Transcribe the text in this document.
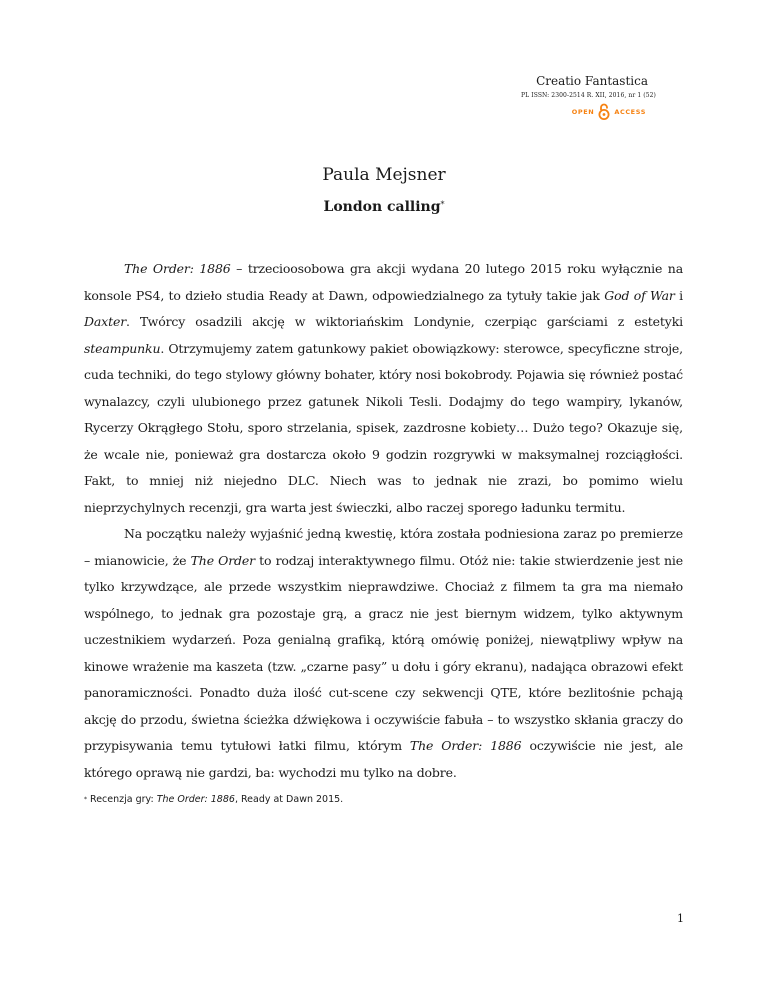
Creatio Fantastica
PL ISSN: 2300-2514 R. XII, 2016, nr 1 (52)
OPEN	ACCESS
Paula Mejsner
London calling*

The Order: 1886 – trzecioosobowa gra akcji wydana 20 lutego 2015 roku wyłącznie na konsole PS4, to dzieło studia Ready at Dawn, odpowiedzialnego za tytuły takie jak God of War i Daxter. Twórcy osadzili akcję w wiktoriańskim Londynie, czerpiąc garściami z estetyki steampunku. Otrzymujemy zatem gatunkowy pakiet obowiązkowy: sterowce, specyficzne stroje, cuda techniki, do tego stylowy główny bohater, który nosi bokobrody. Pojawia się również postać wynalazcy, czyli ulubionego przez gatunek Nikoli Tesli. Dodajmy do tego wampiry, lykanów, Rycerzy Okrągłego Stołu, sporo strzelania, spisek, zazdrosne kobiety… Dużo tego? Okazuje się, że wcale nie, ponieważ gra dostarcza około 9 godzin rozgrywki w maksymalnej rozciągłości. Fakt, to mniej niż niejedno DLC. Niech was to jednak nie zrazi, bo pomimo wielu nieprzychylnych recenzji, gra warta jest świeczki, albo raczej sporego ładunku termitu.

Na początku należy wyjaśnić jedną kwestię, która została podniesiona zaraz po premierze – mianowicie, że The Order to rodzaj interaktywnego filmu. Otóż nie: takie stwierdzenie jest nie tylko krzywdzące, ale przede wszystkim nieprawdziwe. Chociaż z filmem ta gra ma niemało wspólnego, to jednak gra pozostaje grą, a gracz nie jest biernym widzem, tylko aktywnym uczestnikiem wydarzeń. Poza genialną grafiką, którą omówię poniżej, niewątpliwy wpływ na kinowe wrażenie ma kaszeta (tzw. „czarne pasy” u dołu i góry ekranu), nadająca obrazowi efekt panoramiczności. Ponadto duża ilość cut-scene czy sekwencji QTE, które bezlitośnie pchają akcję do przodu, świetna ścieżka dźwiękowa i oczywiście fabuła – to wszystko skłania graczy do przypisywania temu tytułowi łatki filmu, którym The Order: 1886 oczywiście nie jest, ale którego oprawą nie gardzi, ba: wychodzi mu tylko na dobre.

* Recenzja gry: The Order: 1886, Ready at Dawn 2015.
1
